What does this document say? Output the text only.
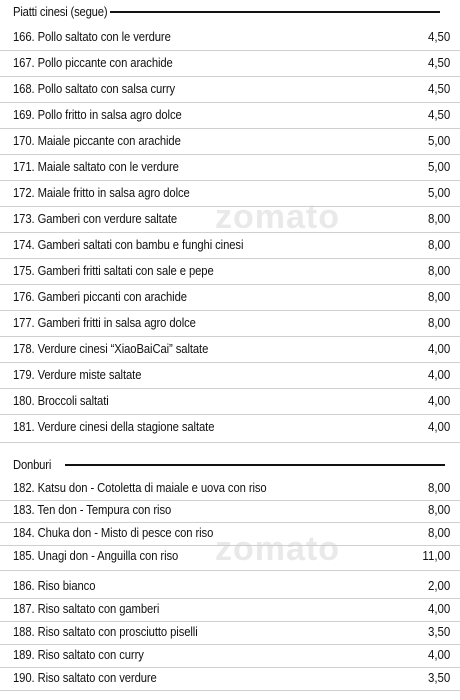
zomato
zomato
Piatti cinesi (segue)
166. Pollo saltato con le verdure	4,50
167. Pollo piccante con arachide	4,50
168. Pollo saltato con salsa curry	4,50
169. Pollo fritto in salsa agro dolce	4,50
170. Maiale piccante con arachide	5,00
171. Maiale saltato con le verdure	5,00
172. Maiale fritto in salsa agro dolce	5,00
173. Gamberi con verdure saltate	8,00
174. Gamberi saltati con bambu e funghi cinesi	8,00
175. Gamberi fritti saltati con sale e pepe	8,00
176. Gamberi piccanti con arachide	8,00
177. Gamberi fritti in salsa agro dolce	8,00
178. Verdure cinesi “XiaoBaiCai” saltate	4,00
179. Verdure miste saltate	4,00
180. Broccoli saltati	4,00
181. Verdure cinesi della stagione saltate	4,00
Donburi
182. Katsu don - Cotoletta di maiale e uova con riso	8,00
183. Ten don - Tempura con riso	8,00
184. Chuka don - Misto di pesce con riso	8,00
185. Unagi don - Anguilla con riso	11,00
186. Riso bianco	2,00
187. Riso saltato con gamberi	4,00
188. Riso saltato con prosciutto piselli	3,50
189. Riso saltato con curry	4,00
190. Riso saltato con verdure	3,50
